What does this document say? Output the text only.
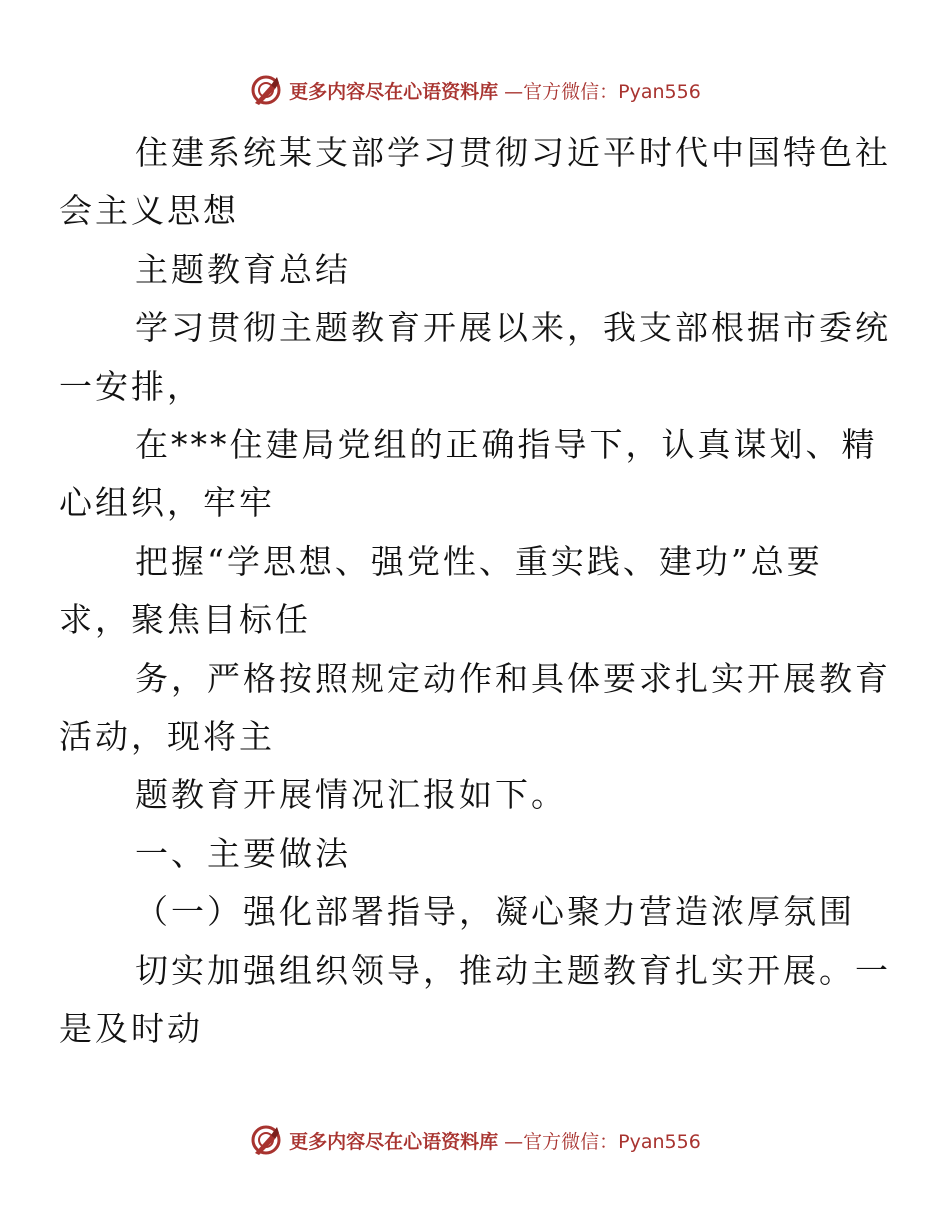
更多内容尽在心语资料库 —官方微信：Pyan556

住建系统某支部学习贯彻习近平时代中国特色社
会主义思想

主题教育总结

学习贯彻主题教育开展以来，我支部根据市委统
一安排，

在***住建局党组的正确指导下，认真谋划、精
心组织，牢牢

把握“学思想、强党性、重实践、建功”总要
求，聚焦目标任

务，严格按照规定动作和具体要求扎实开展教育
活动，现将主

题教育开展情况汇报如下。

一、主要做法

（一）强化部署指导，凝心聚力营造浓厚氛围

切实加强组织领导，推动主题教育扎实开展。一
是及时动

更多内容尽在心语资料库 —官方微信：Pyan556
